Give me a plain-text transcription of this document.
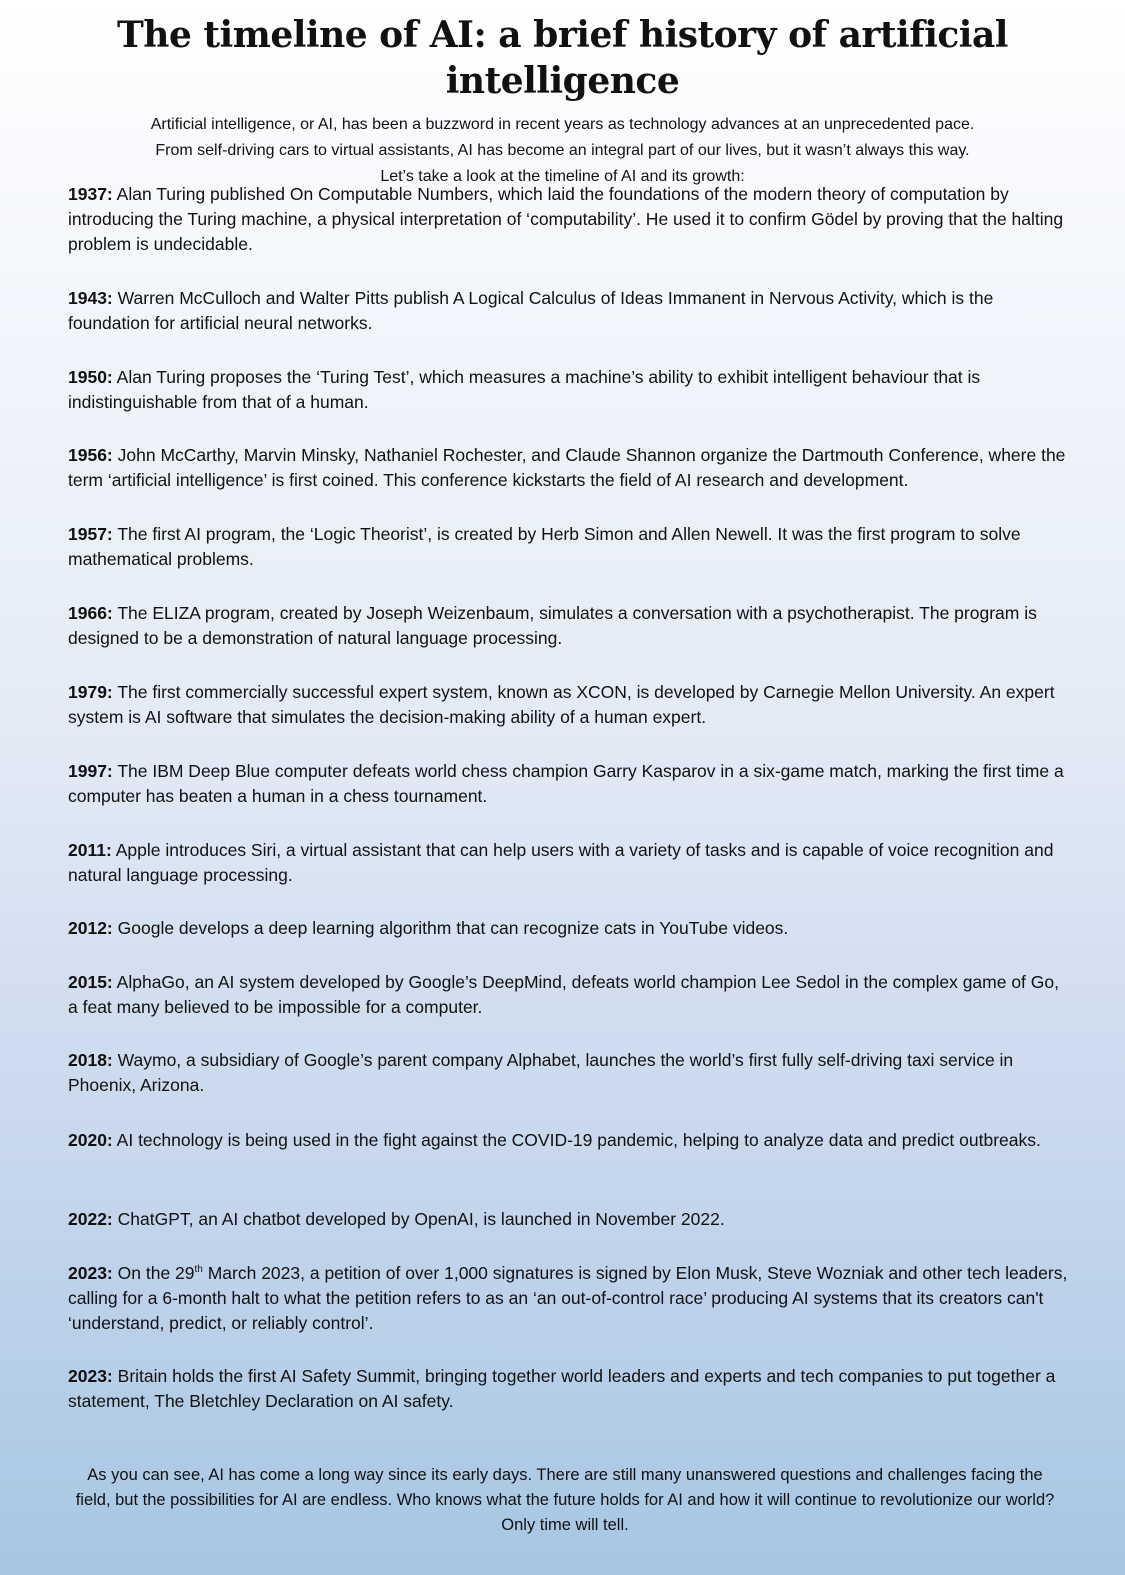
The timeline of AI: a brief history of artificial intelligence
Artificial intelligence, or AI, has been a buzzword in recent years as technology advances at an unprecedented pace.
From self-driving cars to virtual assistants, AI has become an integral part of our lives, but it wasn’t always this way.
Let’s take a look at the timeline of AI and its growth:

1937: Alan Turing published On Computable Numbers, which laid the foundations of the modern theory of computation by introducing the Turing machine, a physical interpretation of ‘computability’. He used it to confirm Gödel by proving that the halting problem is undecidable.

1943: Warren McCulloch and Walter Pitts publish A Logical Calculus of Ideas Immanent in Nervous Activity, which is the foundation for artificial neural networks.

1950: Alan Turing proposes the ‘Turing Test’, which measures a machine’s ability to exhibit intelligent behaviour that is indistinguishable from that of a human.

1956: John McCarthy, Marvin Minsky, Nathaniel Rochester, and Claude Shannon organize the Dartmouth Conference, where the term ‘artificial intelligence’ is first coined. This conference kickstarts the field of AI research and development.

1957: The first AI program, the ‘Logic Theorist’, is created by Herb Simon and Allen Newell. It was the first program to solve mathematical problems.

1966: The ELIZA program, created by Joseph Weizenbaum, simulates a conversation with a psychotherapist. The program is designed to be a demonstration of natural language processing.

1979: The first commercially successful expert system, known as XCON, is developed by Carnegie Mellon University. An expert system is AI software that simulates the decision-making ability of a human expert.

1997: The IBM Deep Blue computer defeats world chess champion Garry Kasparov in a six-game match, marking the first time a computer has beaten a human in a chess tournament.

2011: Apple introduces Siri, a virtual assistant that can help users with a variety of tasks and is capable of voice recognition and natural language processing.

2012: Google develops a deep learning algorithm that can recognize cats in YouTube videos.

2015: AlphaGo, an AI system developed by Google’s DeepMind, defeats world champion Lee Sedol in the complex game of Go, a feat many believed to be impossible for a computer.

2018: Waymo, a subsidiary of Google’s parent company Alphabet, launches the world’s first fully self-driving taxi service in Phoenix, Arizona.

2020: AI technology is being used in the fight against the COVID-19 pandemic, helping to analyze data and predict outbreaks.

2022: ChatGPT, an AI chatbot developed by OpenAI, is launched in November 2022.

2023: On the 29th March 2023, a petition of over 1,000 signatures is signed by Elon Musk, Steve Wozniak and other tech leaders, calling for a 6-month halt to what the petition refers to as an ‘an out-of-control race’ producing AI systems that its creators can't ‘understand, predict, or reliably control’.

2023: Britain holds the first AI Safety Summit, bringing together world leaders and experts and tech companies to put together a statement, The Bletchley Declaration on AI safety.

As you can see, AI has come a long way since its early days. There are still many unanswered questions and challenges facing the field, but the possibilities for AI are endless. Who knows what the future holds for AI and how it will continue to revolutionize our world? Only time will tell.
